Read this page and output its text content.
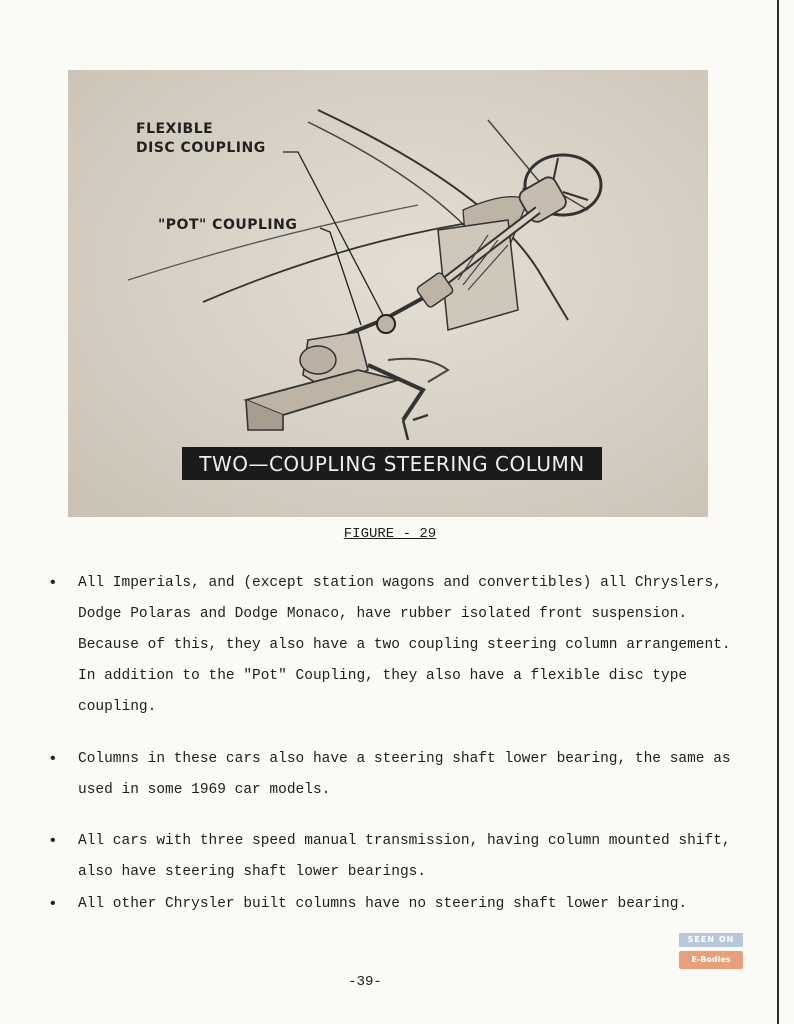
FLEXIBLE
DISC COUPLING
"POT" COUPLING
TWO—COUPLING STEERING COLUMN
FIGURE - 29
• All Imperials, and (except station wagons and convertibles) all Chryslers, Dodge Polaras and Dodge Monaco, have rubber isolated front suspension. Because of this, they also have a two coupling steering column arrangement. In addition to the "Pot" Coupling, they also have a flexible disc type coupling.
• Columns in these cars also have a steering shaft lower bearing, the same as used in some 1969 car models.
• All cars with three speed manual transmission, having column mounted shift, also have steering shaft lower bearings.
• All other Chrysler built columns have no steering shaft lower bearing.
SEEN ON
E-Bodies
-39-
